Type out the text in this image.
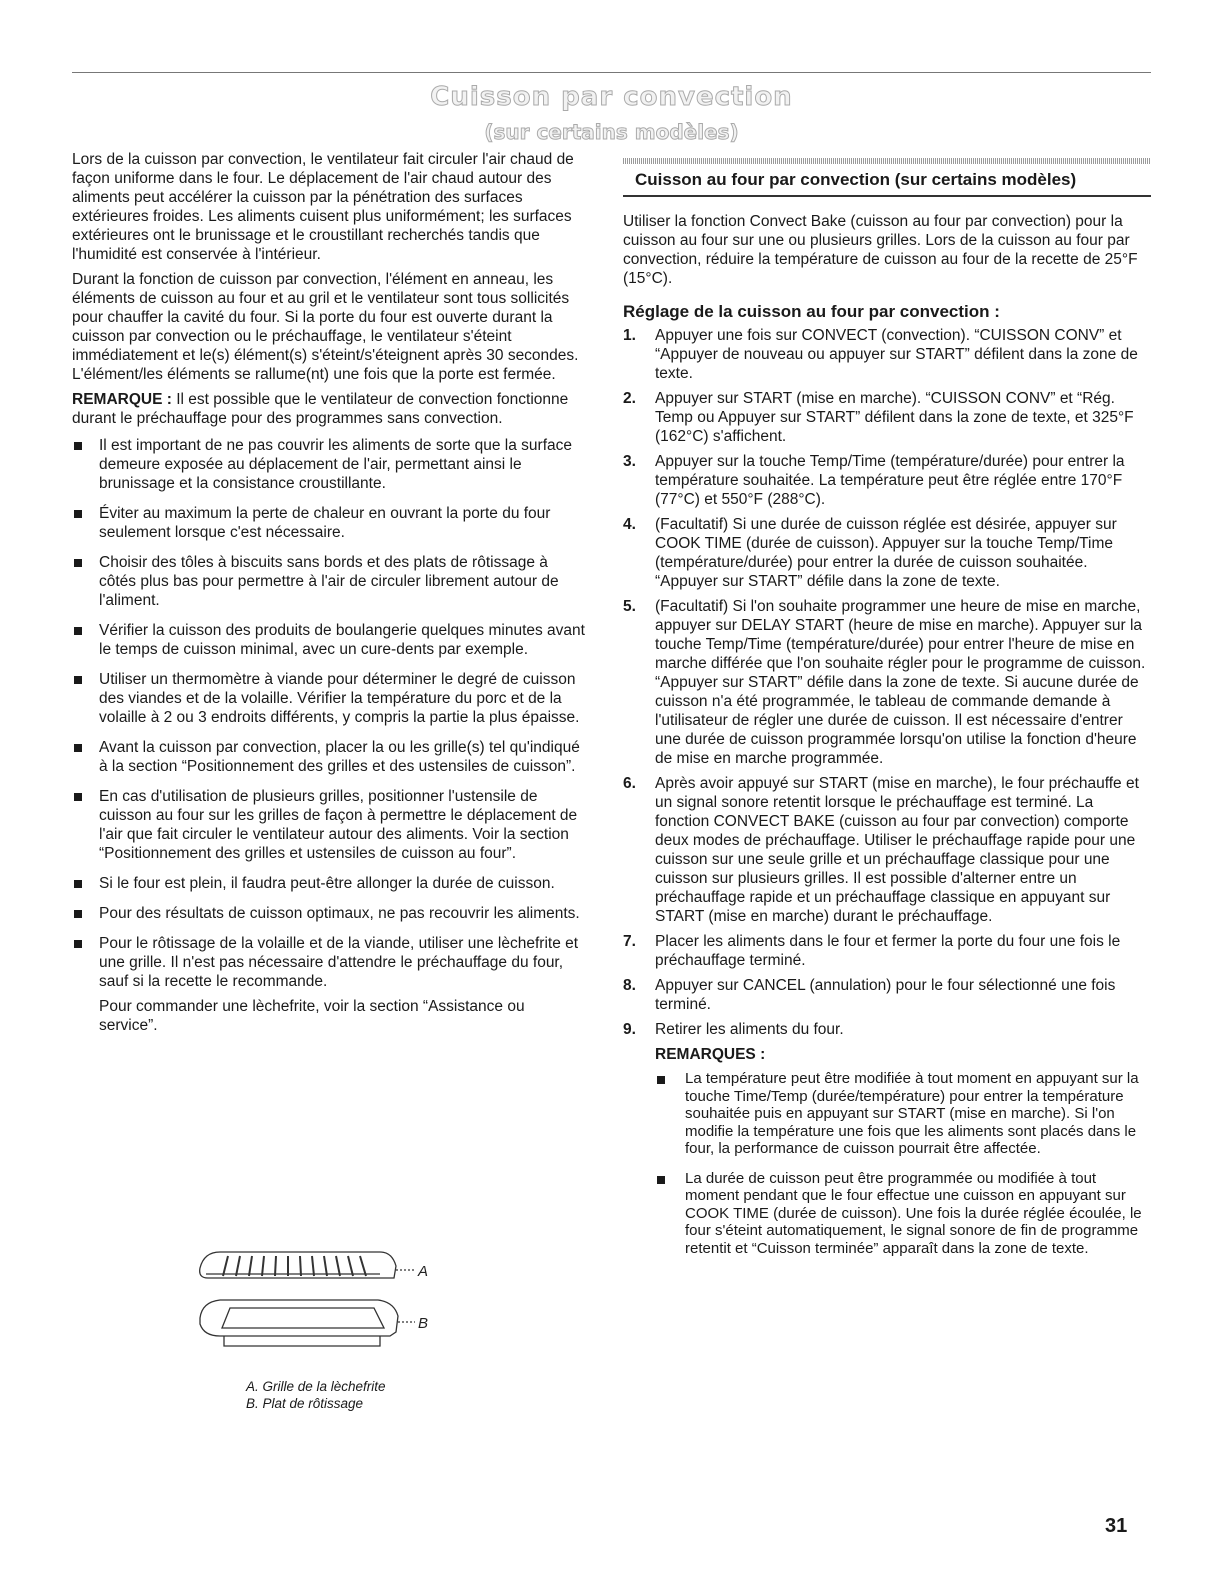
Cuisson par convection
(sur certains modèles)

Lors de la cuisson par convection, le ventilateur fait circuler l'air chaud de façon uniforme dans le four. Le déplacement de l'air chaud autour des aliments peut accélérer la cuisson par la pénétration des surfaces extérieures froides. Les aliments cuisent plus uniformément; les surfaces extérieures ont le brunissage et le croustillant recherchés tandis que l'humidité est conservée à l'intérieur.

Durant la fonction de cuisson par convection, l'élément en anneau, les éléments de cuisson au four et au gril et le ventilateur sont tous sollicités pour chauffer la cavité du four. Si la porte du four est ouverte durant la cuisson par convection ou le préchauffage, le ventilateur s'éteint immédiatement et le(s) élément(s) s'éteint/s'éteignent après 30 secondes. L'élément/les éléments se rallume(nt) une fois que la porte est fermée.

REMARQUE : Il est possible que le ventilateur de convection fonctionne durant le préchauffage pour des programmes sans convection.

Il est important de ne pas couvrir les aliments de sorte que la surface demeure exposée au déplacement de l'air, permettant ainsi le brunissage et la consistance croustillante.
Éviter au maximum la perte de chaleur en ouvrant la porte du four seulement lorsque c'est nécessaire.
Choisir des tôles à biscuits sans bords et des plats de rôtissage à côtés plus bas pour permettre à l'air de circuler librement autour de l'aliment.
Vérifier la cuisson des produits de boulangerie quelques minutes avant le temps de cuisson minimal, avec un cure-dents par exemple.
Utiliser un thermomètre à viande pour déterminer le degré de cuisson des viandes et de la volaille. Vérifier la température du porc et de la volaille à 2 ou 3 endroits différents, y compris la partie la plus épaisse.
Avant la cuisson par convection, placer la ou les grille(s) tel qu'indiqué à la section “Positionnement des grilles et des ustensiles de cuisson”.
En cas d'utilisation de plusieurs grilles, positionner l'ustensile de cuisson au four sur les grilles de façon à permettre le déplacement de l'air que fait circuler le ventilateur autour des aliments. Voir la section “Positionnement des grilles et ustensiles de cuisson au four”.
Si le four est plein, il faudra peut-être allonger la durée de cuisson.
Pour des résultats de cuisson optimaux, ne pas recouvrir les aliments.
Pour le rôtissage de la volaille et de la viande, utiliser une lèchefrite et une grille. Il n'est pas nécessaire d'attendre le préchauffage du four, sauf si la recette le recommande.

Pour commander une lèchefrite, voir la section “Assistance ou service”.

A
B
A. Grille de la lèchefrite
B. Plat de rôtissage
Cuisson au four par convection (sur certains modèles)

Utiliser la fonction Convect Bake (cuisson au four par convection) pour la cuisson au four sur une ou plusieurs grilles. Lors de la cuisson au four par convection, réduire la température de cuisson au four de la recette de 25°F (15°C).

Réglage de la cuisson au four par convection :
1. Appuyer une fois sur CONVECT (convection). “CUISSON CONV” et “Appuyer de nouveau ou appuyer sur START” défilent dans la zone de texte.
2. Appuyer sur START (mise en marche). “CUISSON CONV” et “Rég. Temp ou Appuyer sur START” défilent dans la zone de texte, et 325°F (162°C) s'affichent.
3. Appuyer sur la touche Temp/Time (température/durée) pour entrer la température souhaitée. La température peut être réglée entre 170°F (77°C) et 550°F (288°C).
4. (Facultatif) Si une durée de cuisson réglée est désirée, appuyer sur COOK TIME (durée de cuisson). Appuyer sur la touche Temp/Time (température/durée) pour entrer la durée de cuisson souhaitée. “Appuyer sur START” défile dans la zone de texte.
5. (Facultatif) Si l'on souhaite programmer une heure de mise en marche, appuyer sur DELAY START (heure de mise en marche). Appuyer sur la touche Temp/Time (température/durée) pour entrer l'heure de mise en marche différée que l'on souhaite régler pour le programme de cuisson. “Appuyer sur START” défile dans la zone de texte. Si aucune durée de cuisson n'a été programmée, le tableau de commande demande à l'utilisateur de régler une durée de cuisson. Il est nécessaire d'entrer une durée de cuisson programmée lorsqu'on utilise la fonction d'heure de mise en marche programmée.
6. Après avoir appuyé sur START (mise en marche), le four préchauffe et un signal sonore retentit lorsque le préchauffage est terminé. La fonction CONVECT BAKE (cuisson au four par convection) comporte deux modes de préchauffage. Utiliser le préchauffage rapide pour une cuisson sur une seule grille et un préchauffage classique pour une cuisson sur plusieurs grilles. Il est possible d'alterner entre un préchauffage rapide et un préchauffage classique en appuyant sur START (mise en marche) durant le préchauffage.
7. Placer les aliments dans le four et fermer la porte du four une fois le préchauffage terminé.
8. Appuyer sur CANCEL (annulation) pour le four sélectionné une fois terminé.
9. Retirer les aliments du four.
REMARQUES :
La température peut être modifiée à tout moment en appuyant sur la touche Time/Temp (durée/température) pour entrer la température souhaitée puis en appuyant sur START (mise en marche). Si l'on modifie la température une fois que les aliments sont placés dans le four, la performance de cuisson pourrait être affectée.
La durée de cuisson peut être programmée ou modifiée à tout moment pendant que le four effectue une cuisson en appuyant sur COOK TIME (durée de cuisson). Une fois la durée réglée écoulée, le four s'éteint automatiquement, le signal sonore de fin de programme retentit et “Cuisson terminée” apparaît dans la zone de texte.
31
